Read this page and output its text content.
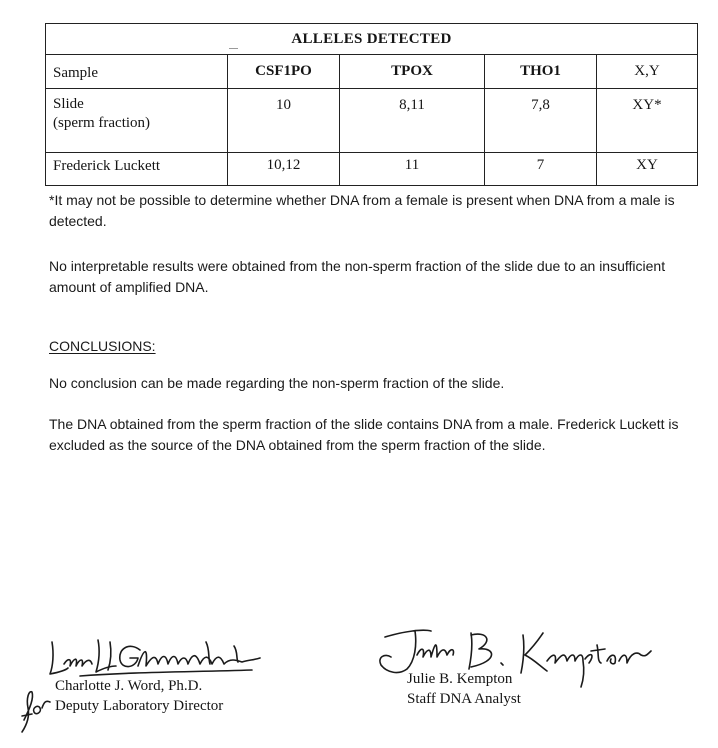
ALLELES DETECTED				
Sample	CSF1PO	TPOX	THO1	X,Y

Slide
(sperm fraction)	10	8,11	7,8	XY*
Frederick Luckett	10,12	11	7	XY

*It may not be possible to determine whether DNA from a female is present when DNA from a male is detected.

No interpretable results were obtained from the non-sperm fraction of the slide due to an insufficient amount of amplified DNA.

CONCLUSIONS:

No conclusion can be made regarding the non-sperm fraction of the slide.

The DNA obtained from the sperm fraction of the slide contains DNA from a male. Frederick Luckett is excluded as the source of the DNA obtained from the sperm fraction of the slide.

Charlotte J. Word, Ph.D.
Deputy Laboratory Director
Julie B. Kempton
Staff DNA Analyst
